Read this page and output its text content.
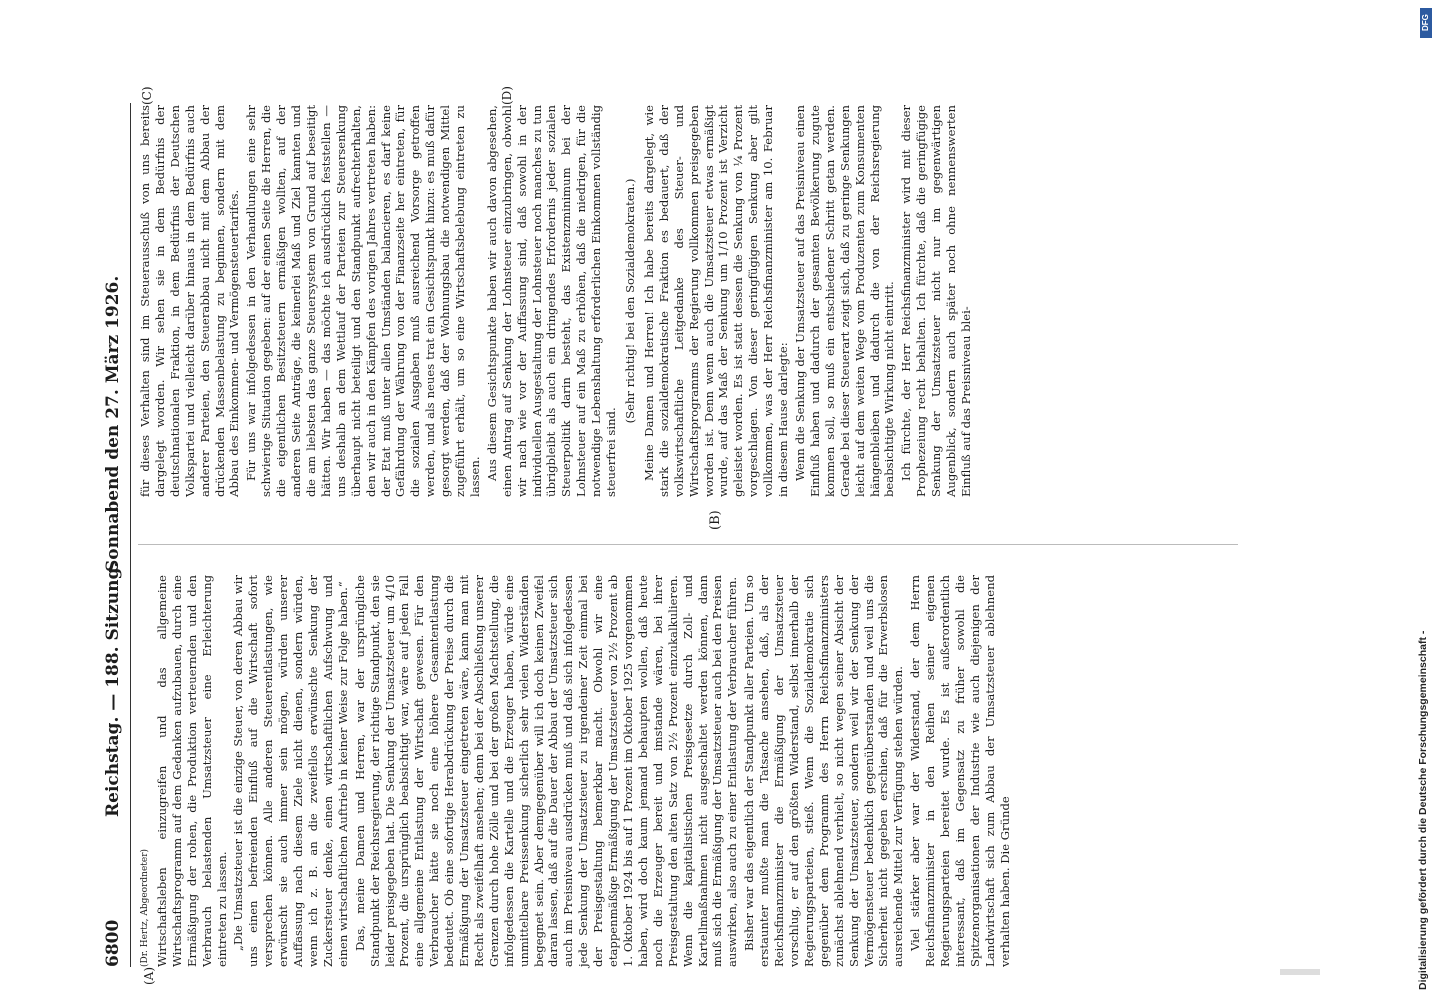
6800
Reichstag. — 188. Sitzung.
Sonnabend den 27. März 1926.
(A)
(B)
(C)	(D)
(Dr. Hertz, Abgeordneter) Wirtschaftsleben einzugreifen und das allgemeine Wirtschaftsprogramm auf dem Gedanken aufzubauen, durch eine Ermäßigung der rohen, die Produktion verteuernden und den Verbrauch belastenden Umsatzsteuer eine Erleichterung eintreten zu lassen. „Die Umsatzsteuer ist die einzige Steuer, von deren Abbau wir uns einen befreienden Einfluß auf die Wirtschaft sofort versprechen können. Alle anderen Steuerentlastungen, wie erwünscht sie auch immer sein mögen, würden unserer Auffassung nach diesem Ziele nicht dienen, sondern würden, wenn ich z. B. an die zweifellos erwünschte Senkung der Zuckersteuer denke, einen wirtschaftlichen Aufschwung und einen wirtschaftlichen Auftrieb in keiner Weise zur Folge haben.“ Das, meine Damen und Herren, war der ursprüngliche Standpunkt der Reichsregierung, der richtige Standpunkt, den sie leider preisgegeben hat. Die Senkung der Umsatzsteuer um 4/10 Prozent, die ursprünglich beabsichtigt war, wäre auf jeden Fall eine allgemeine Entlastung der Wirtschaft gewesen. Für den Verbraucher hätte sie noch eine höhere Gesamtentlastung bedeutet. Ob eine sofortige Herabdrückung der Preise durch die Ermäßigung der Umsatzsteuer eingetreten wäre, kann man mit Recht als zweifelhaft ansehen; denn bei der Abschließung unserer Grenzen durch hohe Zölle und bei der großen Machtstellung, die infolgedessen die Kartelle und die Erzeuger haben, würde eine unmittelbare Preissenkung sicherlich sehr vielen Widerständen begegnet sein. Aber demgegenüber will ich doch keinen Zweifel daran lassen, daß auf die Dauer der Abbau der Umsatzsteuer sich auch im Preisniveau ausdrücken muß und daß sich infolgedessen jede Senkung der Umsatzsteuer zu irgendeiner Zeit einmal bei der Preisgestaltung bemerkbar macht. Obwohl wir eine etappenmäßige Ermäßigung der Umsatzsteuer von 2½ Prozent ab 1. Oktober 1924 bis auf 1 Prozent im Oktober 1925 vorgenommen haben, wird doch kaum jemand behaupten wollen, daß heute noch die Erzeuger bereit und imstande wären, bei ihrer Preisgestaltung den alten Satz von 2½ Prozent einzukalkulieren. Wenn die kapitalistischen Preisgesetze durch Zoll- und Kartellmaßnahmen nicht ausgeschaltet werden können, dann muß sich die Ermäßigung der Umsatzsteuer auch bei den Preisen auswirken, also auch zu einer Entlastung der Verbraucher führen. Bisher war das eigentlich der Standpunkt aller Parteien. Um so erstaunter mußte man die Tatsache ansehen, daß, als der Reichsfinanzminister die Ermäßigung der Umsatzsteuer vorschlug, er auf den größten Widerstand, selbst innerhalb der Regierungsparteien, stieß. Wenn die Sozialdemokratie sich gegenüber dem Programm des Herrn Reichsfinanzministers zunächst ablehnend verhielt, so nicht wegen seiner Absicht der Senkung der Umsatzsteuer, sondern weil wir der Senkung der Vermögensteuer bedenklich gegenüberstanden und weil uns die Sicherheit nicht gegeben erschien, daß für die Erwerbslosen ausreichende Mittel zur Verfügung stehen würden. Viel stärker aber war der Widerstand, der dem Herrn Reichsfinanzminister in den Reihen seiner eigenen Regierungsparteien bereitet wurde. Es ist außerordentlich interessant, daß im Gegensatz zu früher sowohl die Spitzenorganisationen der Industrie wie auch diejenigen der Landwirtschaft sich zum Abbau der Umsatzsteuer ablehnend verhalten haben. Die Gründe

für dieses Verhalten sind im Steuerausschuß von uns bereits dargelegt worden. Wir sehen sie in dem Bedürfnis der deutschnationalen Fraktion, in dem Bedürfnis der Deutschen Volkspartei und vielleicht darüber hinaus in dem Bedürfnis auch anderer Parteien, den Steuerabbau nicht mit dem Abbau der drückenden Massenbelastung zu beginnen, sondern mit dem Abbau des Einkommen- und Vermögensteuertarifes. Für uns war infolgedessen in den Verhandlungen eine sehr schwierige Situation gegeben: auf der einen Seite die Herren, die die eigentlichen Besitzsteuern ermäßigen wollten, auf der anderen Seite Anträge, die keinerlei Maß und Ziel kannten und die am liebsten das ganze Steuersystem von Grund auf beseitigt hätten. Wir haben — das möchte ich ausdrücklich feststellen — uns deshalb an dem Wettlauf der Parteien zur Steuersenkung überhaupt nicht beteiligt und den Standpunkt aufrechterhalten, den wir auch in den Kämpfen des vorigen Jahres vertreten haben: der Etat muß unter allen Umständen balancieren, es darf keine Gefährdung der Währung von der Finanzseite her eintreten, für die sozialen Ausgaben muß ausreichend Vorsorge getroffen werden, und als neues trat ein Gesichtspunkt hinzu: es muß dafür gesorgt werden, daß der Wohnungsbau die notwendigen Mittel zugeführt erhält, um so eine Wirtschaftsbelebung eintreten zu lassen. Aus diesem Gesichtspunkte haben wir auch davon abgesehen, einen Antrag auf Senkung der Lohnsteuer einzubringen, obwohl wir nach wie vor der Auffassung sind, daß sowohl in der individuellen Ausgestaltung der Lohnsteuer noch manches zu tun übrigbleibt als auch ein dringendes Erfordernis jeder sozialen Steuerpolitik darin besteht, das Existenzminimum bei der Lohnsteuer auf ein Maß zu erhöhen, daß die niedrigen, für die notwendige Lebenshaltung erforderlichen Einkommen vollständig steuerfrei sind.

(Sehr richtig! bei den Sozialdemokraten.) Meine Damen und Herren! Ich habe bereits dargelegt, wie stark die sozialdemokratische Fraktion es bedauert, daß der volkswirtschaftliche Leitgedanke des Steuer- und Wirtschaftsprogramms der Regierung vollkommen preisgegeben worden ist. Denn wenn auch die Umsatzsteuer etwas ermäßigt wurde, auf das Maß der Senkung um 1/10 Prozent ist Verzicht geleistet worden. Es ist statt dessen die Senkung von ¼ Prozent vorgeschlagen. Von dieser geringfügigen Senkung aber gilt vollkommen, was der Herr Reichsfinanzminister am 10. Februar in diesem Hause darlegte: Wenn die Senkung der Umsatzsteuer auf das Preisniveau einen Einfluß haben und dadurch der gesamten Bevölkerung zugute kommen soll, so muß ein entschiedener Schritt getan werden. Gerade bei dieser Steuerart zeigt sich, daß zu geringe Senkungen leicht auf dem weiten Wege vom Produzenten zum Konsumenten hängenbleiben und dadurch die von der Reichsregierung beabsichtigte Wirkung nicht eintritt. Ich fürchte, der Herr Reichsfinanzminister wird mit dieser Prophezeiung recht behalten. Ich fürchte, daß die geringfügige Senkung der Umsatzsteuer nicht nur im gegenwärtigen Augenblick, sondern auch später noch ohne nennenswerten Einfluß auf das Preisniveau blei-

DFG
Digitalisierung gefördert durch die Deutsche Forschungsgemeinschaft -
